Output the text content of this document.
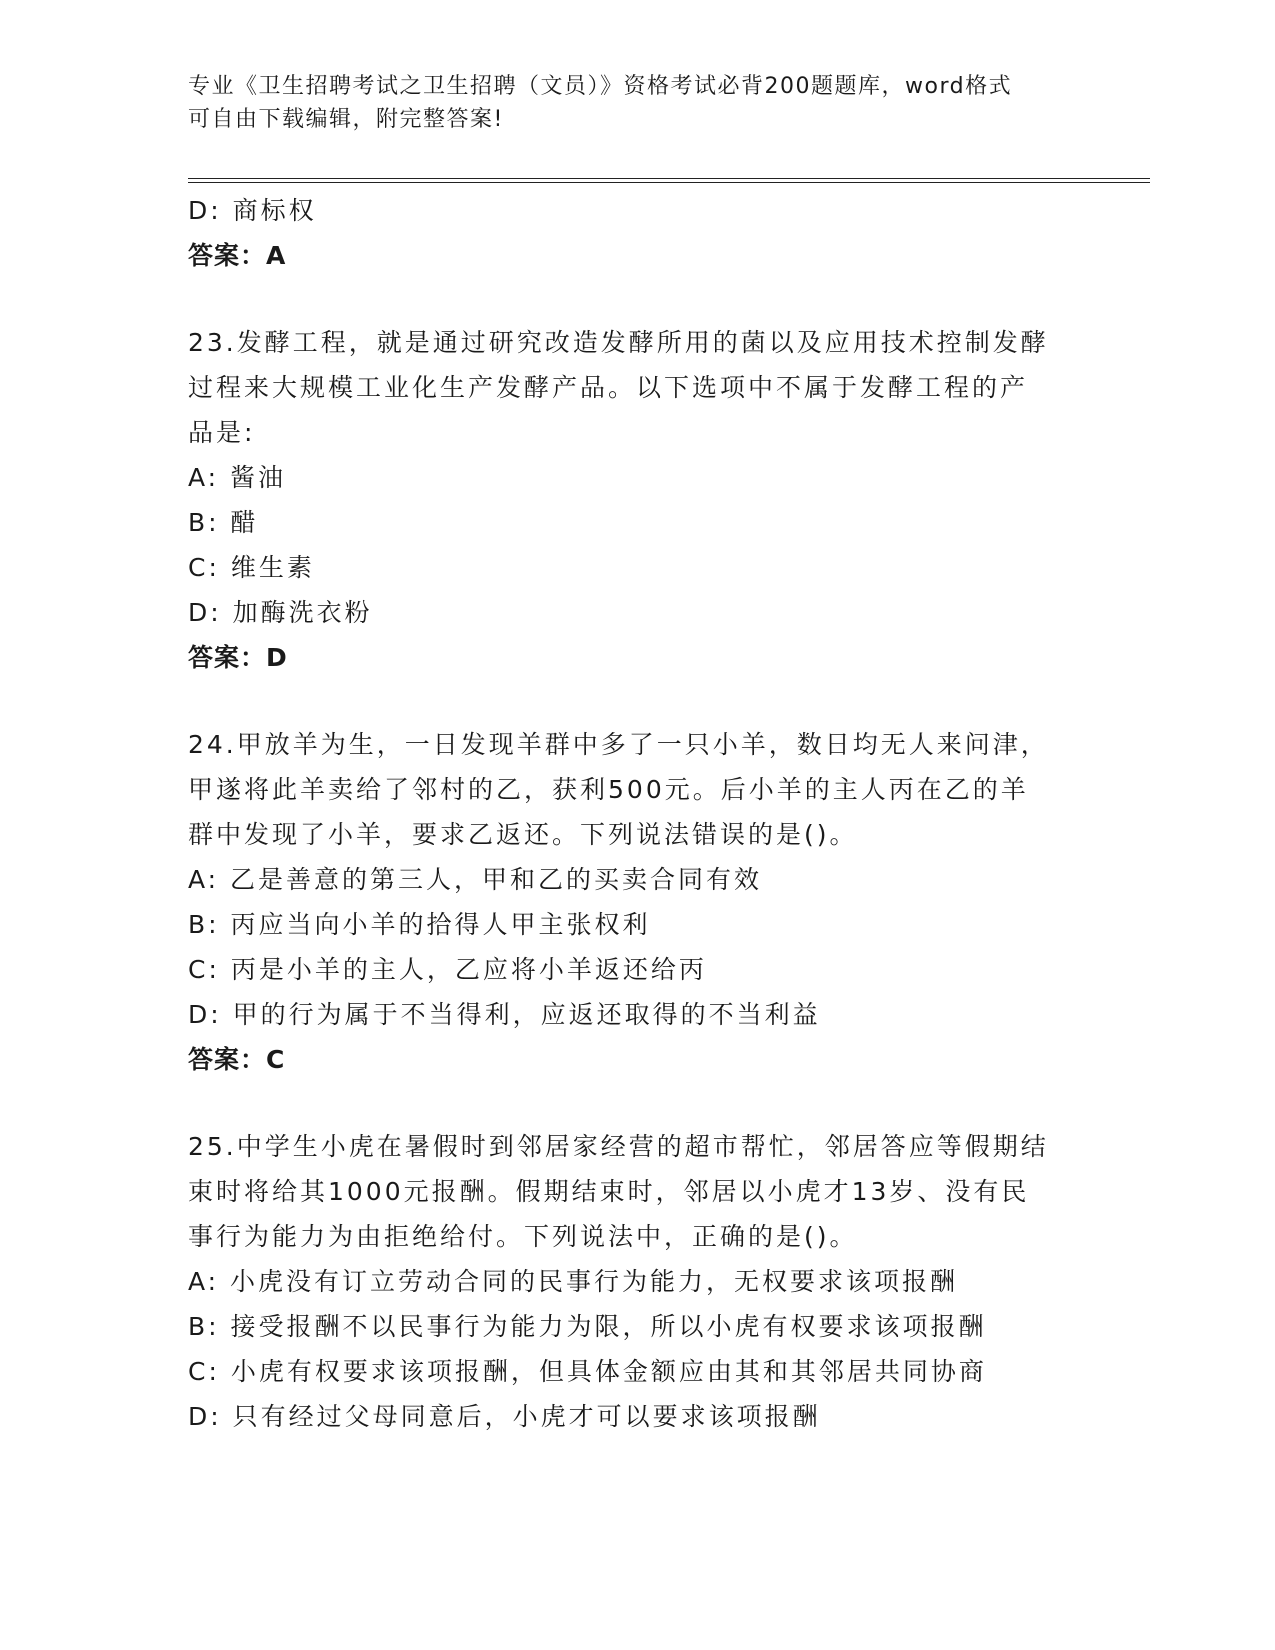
专业《卫生招聘考试之卫生招聘（文员）》资格考试必背200题题库，word格式
可自由下载编辑，附完整答案!
D: 商标权
答案：A
23.发酵工程，就是通过研究改造发酵所用的菌以及应用技术控制发酵
过程来大规模工业化生产发酵产品。以下选项中不属于发酵工程的产
品是:
A: 酱油
B: 醋
C: 维生素
D: 加酶洗衣粉
答案：D
24.甲放羊为生，一日发现羊群中多了一只小羊，数日均无人来问津，
甲遂将此羊卖给了邻村的乙，获利500元。后小羊的主人丙在乙的羊
群中发现了小羊，要求乙返还。下列说法错误的是()。
A: 乙是善意的第三人，甲和乙的买卖合同有效
B: 丙应当向小羊的拾得人甲主张权利
C: 丙是小羊的主人，乙应将小羊返还给丙
D: 甲的行为属于不当得利，应返还取得的不当利益
答案：C
25.中学生小虎在暑假时到邻居家经营的超市帮忙，邻居答应等假期结
束时将给其1000元报酬。假期结束时，邻居以小虎才13岁、没有民
事行为能力为由拒绝给付。下列说法中，正确的是()。
A: 小虎没有订立劳动合同的民事行为能力，无权要求该项报酬
B: 接受报酬不以民事行为能力为限，所以小虎有权要求该项报酬
C: 小虎有权要求该项报酬，但具体金额应由其和其邻居共同协商
D: 只有经过父母同意后，小虎才可以要求该项报酬
